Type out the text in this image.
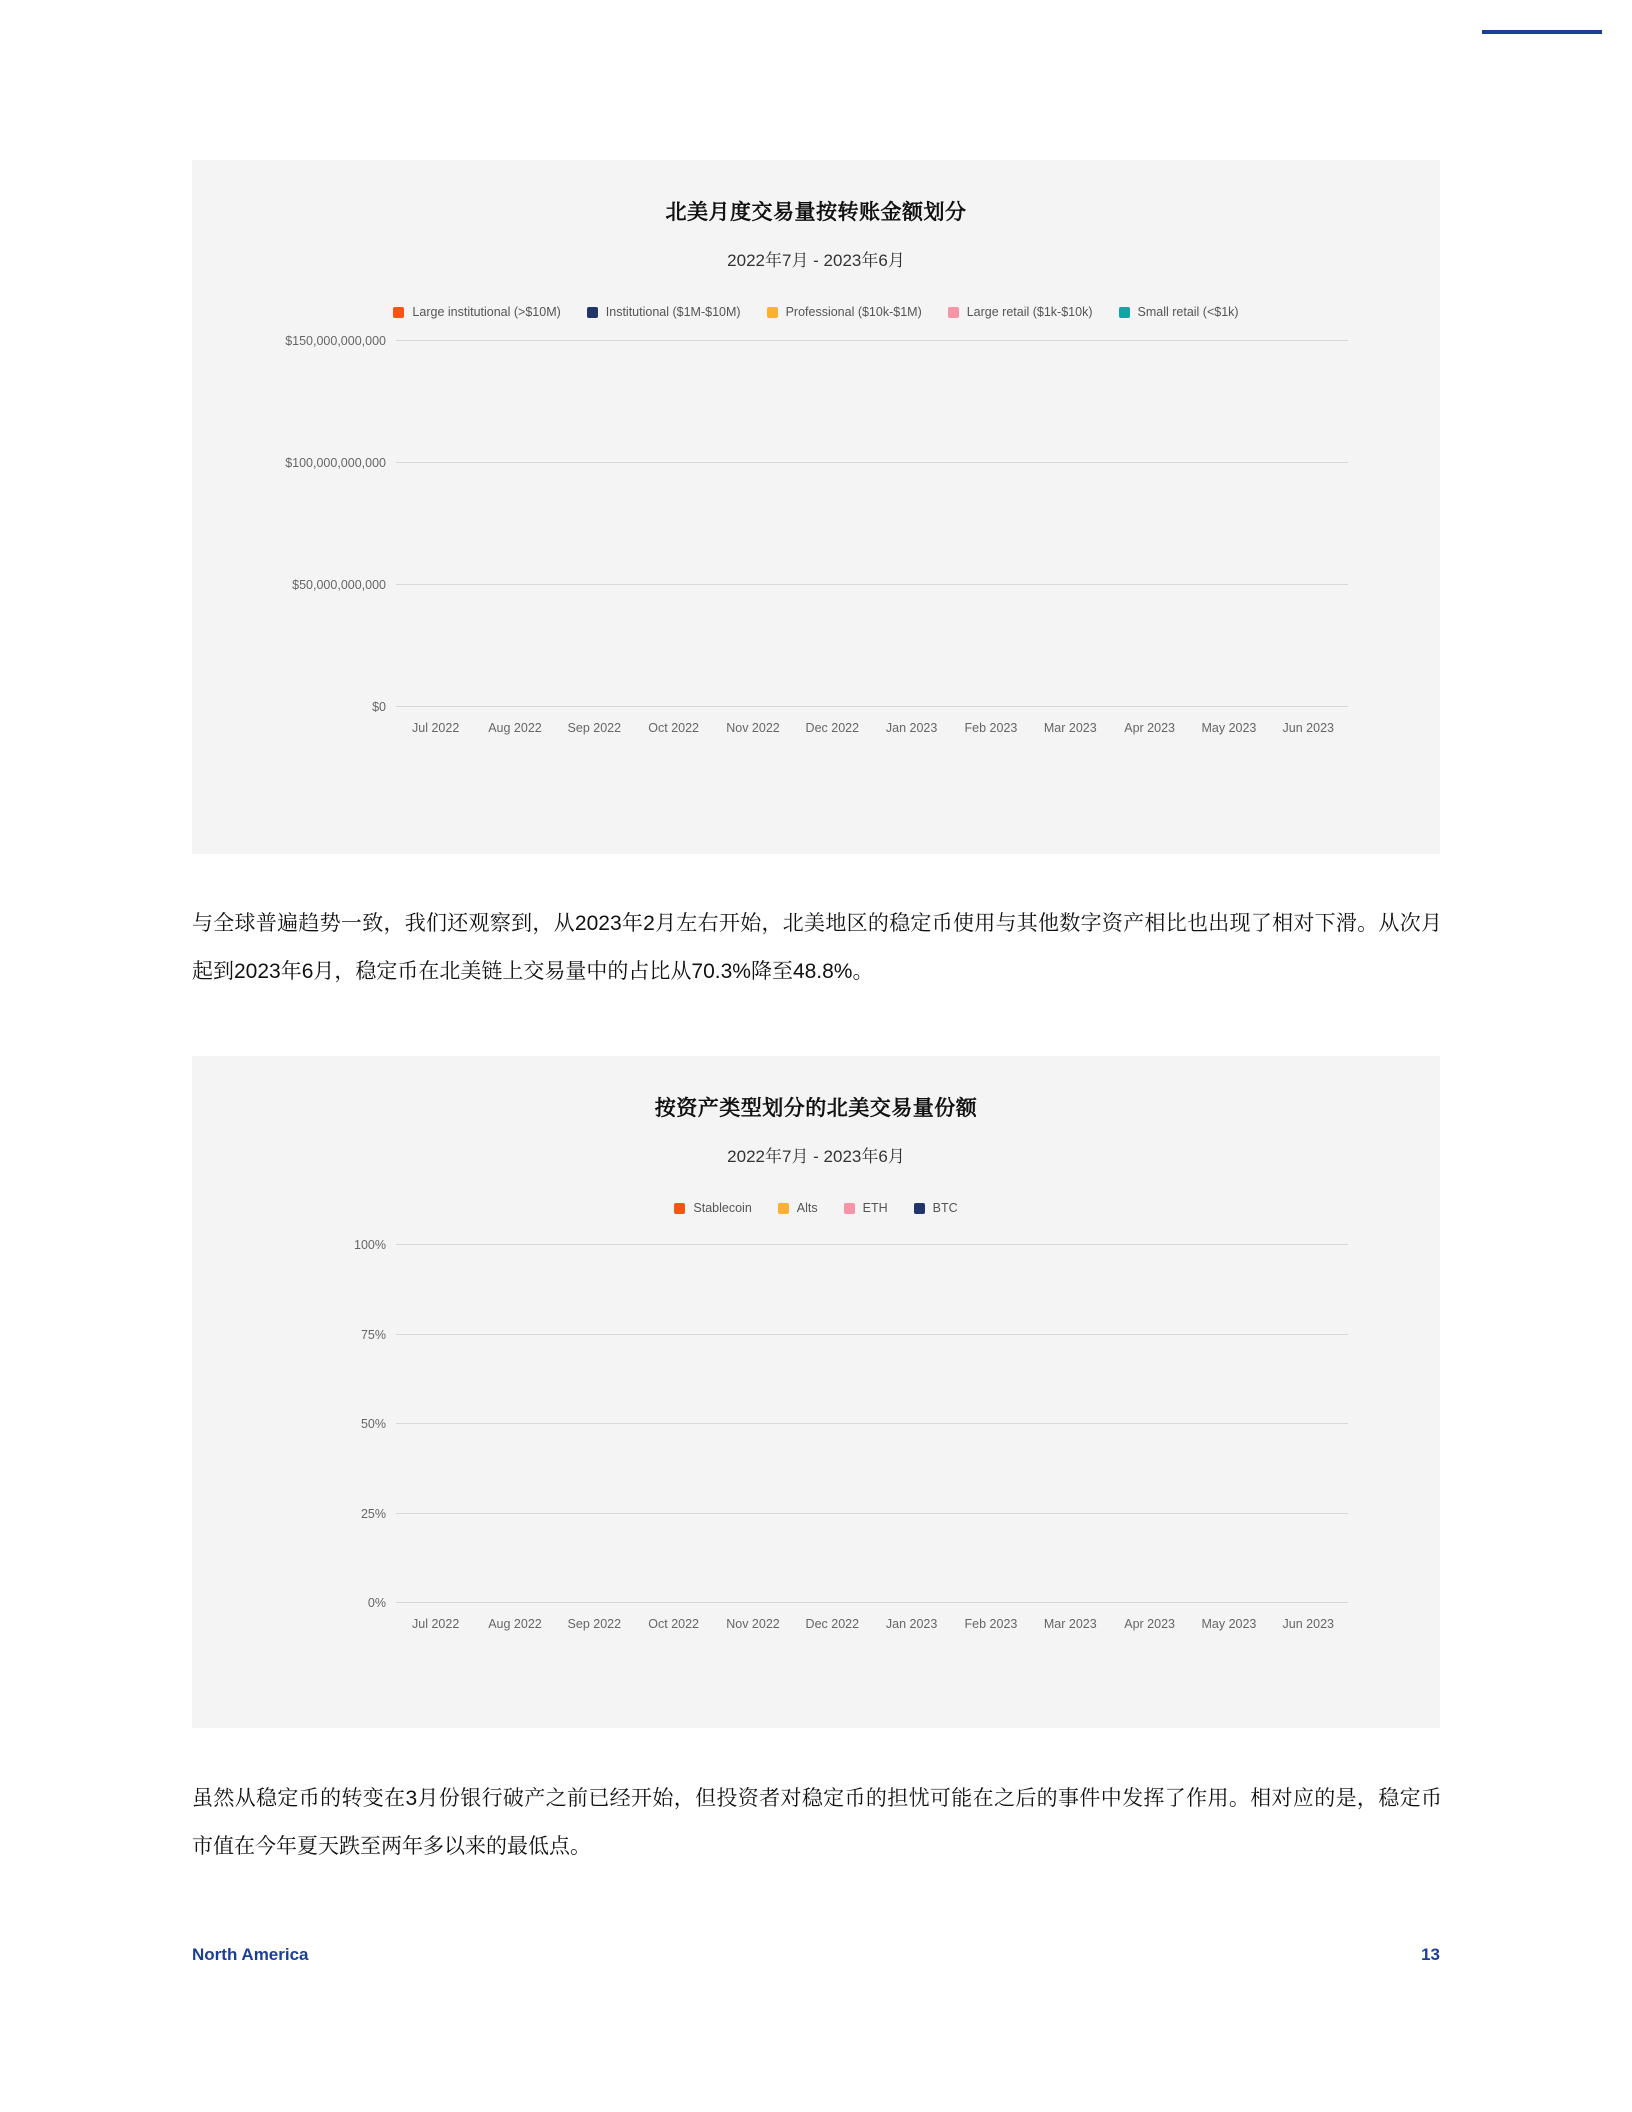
北美月度交易量按转账金额划分
2022年7月 - 2023年6月
Large institutional (>$10M)	Institutional ($1M-$10M)	Professional ($10k-$1M)	Large retail ($1k-$10k)	Small retail (<$1k)
$150,000,000,000
$100,000,000,000
$50,000,000,000
$0
Jul 2022	Aug 2022	Sep 2022	Oct 2022	Nov 2022	Dec 2022	Jan 2023	Feb 2023	Mar 2023	Apr 2023	May 2023	Jun 2023
与全球普遍趋势一致，我们还观察到，从2023年2月左右开始，北美地区的稳定币使用与其他数字资产相比也出现了相对下滑。从次月起到2023年6月，稳定币在北美链上交易量中的占比从70.3%降至48.8%。
按资产类型划分的北美交易量份额
2022年7月 - 2023年6月
Stablecoin	Alts	ETH	BTC
100%
75%
50%
25%
0%
Jul 2022	Aug 2022	Sep 2022	Oct 2022	Nov 2022	Dec 2022	Jan 2023	Feb 2023	Mar 2023	Apr 2023	May 2023	Jun 2023
虽然从稳定币的转变在3月份银行破产之前已经开始，但投资者对稳定币的担忧可能在之后的事件中发挥了作用。相对应的是，稳定币市值在今年夏天跌至两年多以来的最低点。
North America	13
